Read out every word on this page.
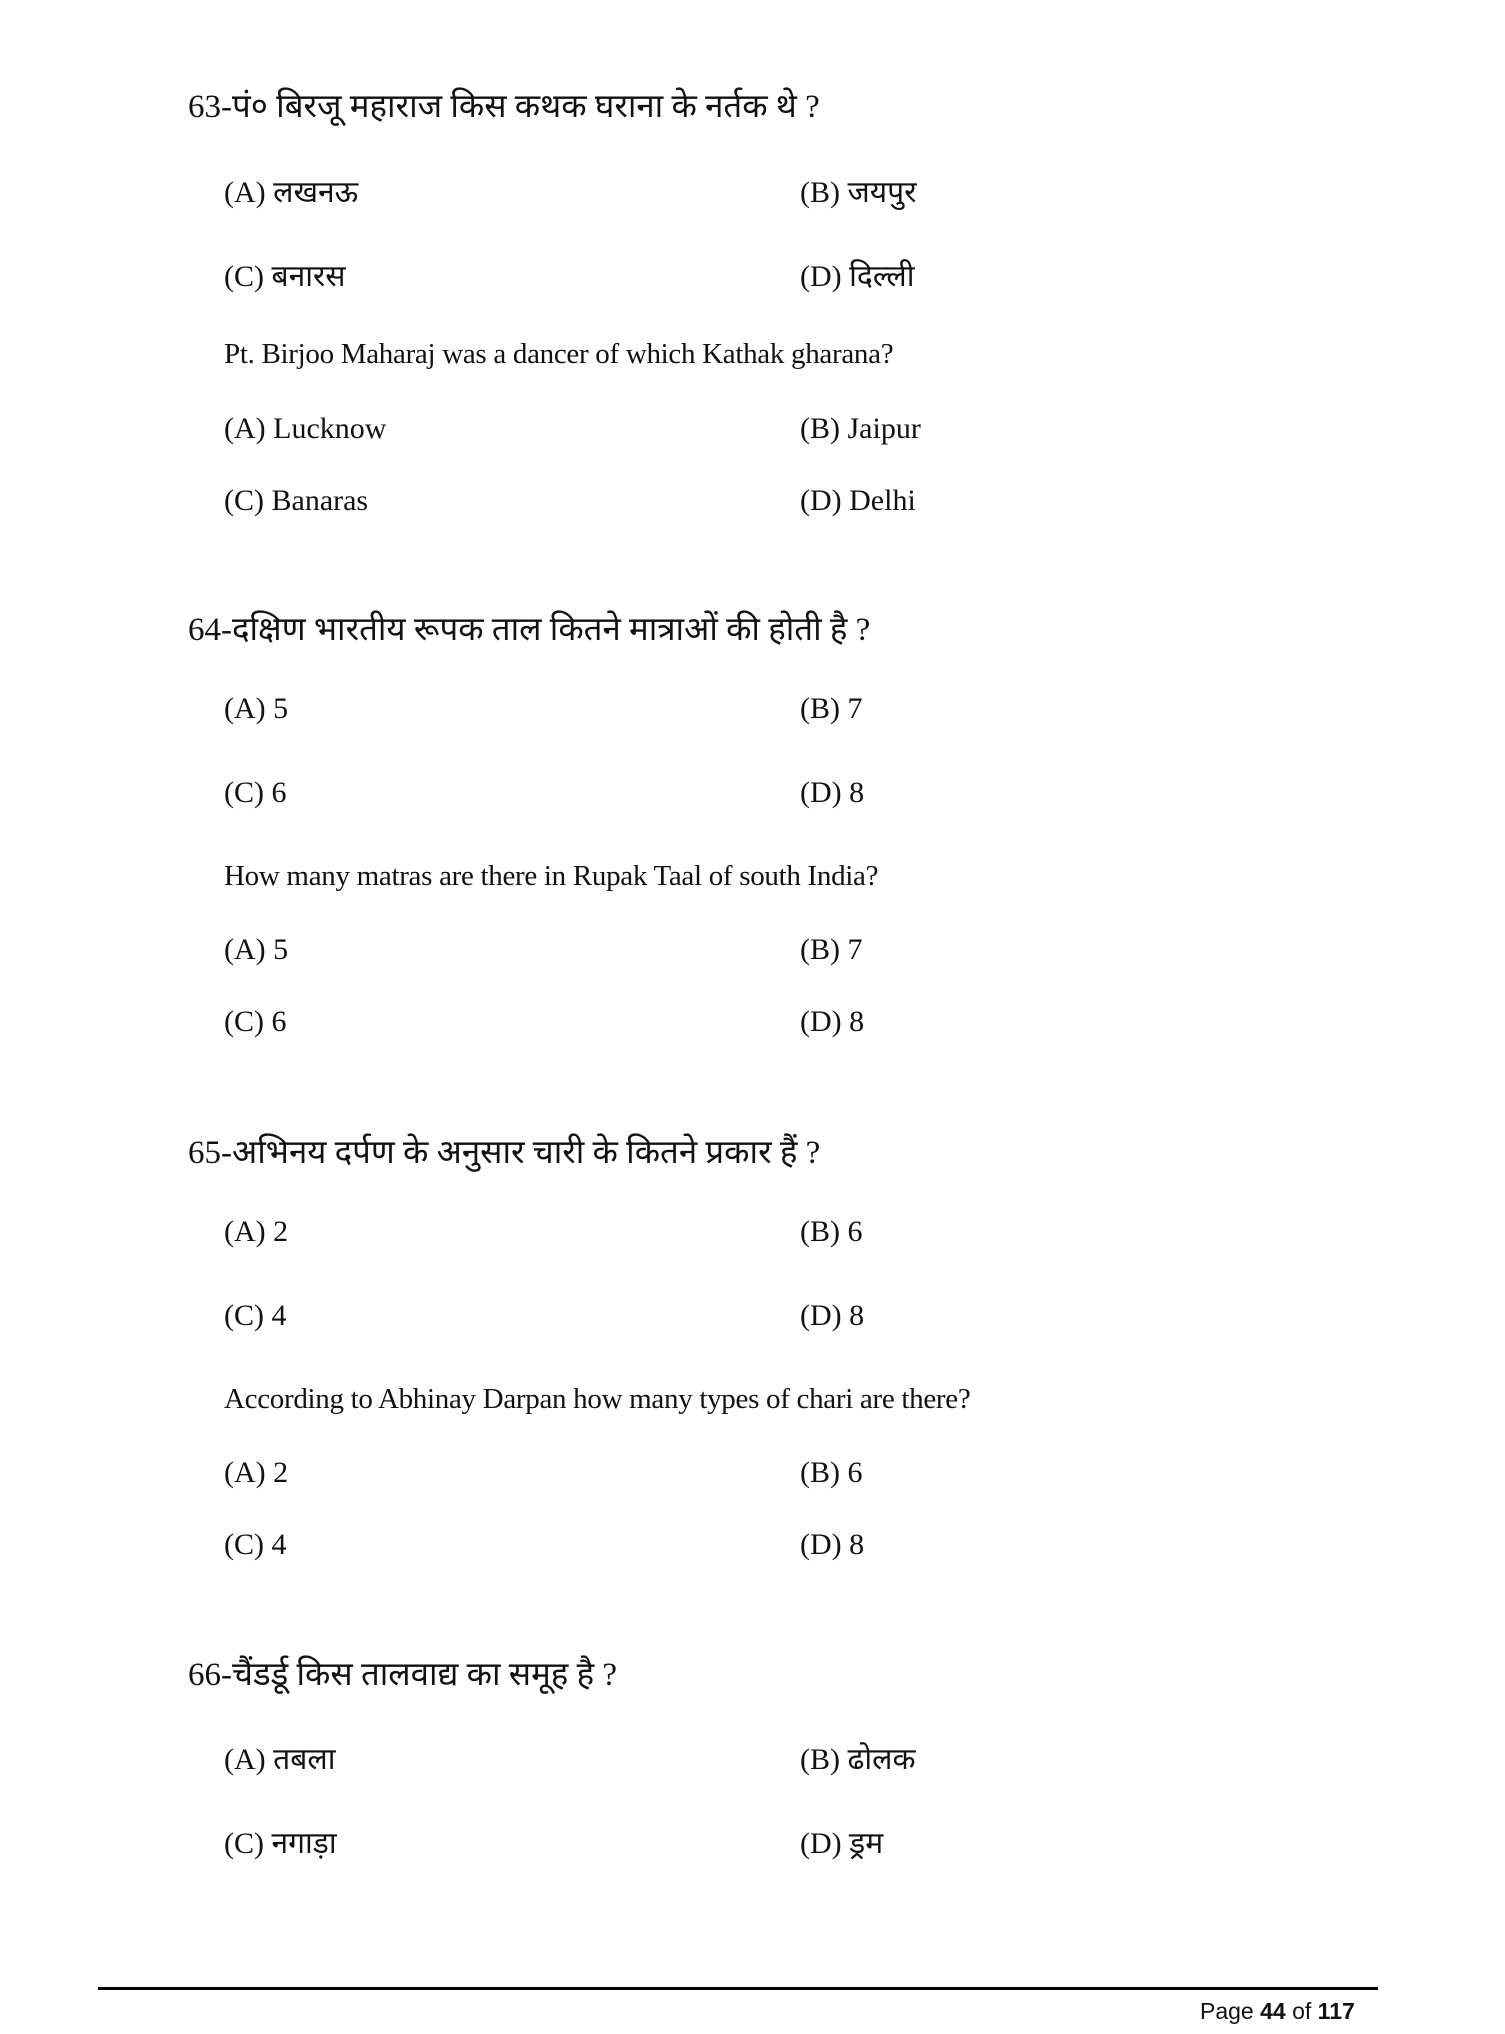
63-पं० बिरजू महाराज किस कथक घराना के नर्तक थे ?
(A) लखनऊ	(B) जयपुर
(C) बनारस	(D) दिल्ली
Pt. Birjoo Maharaj was a dancer of which Kathak gharana?
(A) Lucknow	(B) Jaipur
(C) Banaras	(D) Delhi
64-दक्षिण भारतीय रूपक ताल कितने मात्राओं की होती है ?
(A) 5	(B) 7
(C) 6	(D) 8
How many matras are there in Rupak Taal of south India?
(A) 5	(B) 7
(C) 6	(D) 8
65-अभिनय दर्पण के अनुसार चारी के कितने प्रकार हैं ?
(A) 2	(B) 6
(C) 4	(D) 8
According to Abhinay Darpan how many types of chari are there?
(A) 2	(B) 6
(C) 4	(D) 8
66-चैंडर्डू किस तालवाद्य का समूह है ?
(A) तबला	(B) ढोलक
(C) नगाड़ा	(D) ड्रम
Page 44 of 117
